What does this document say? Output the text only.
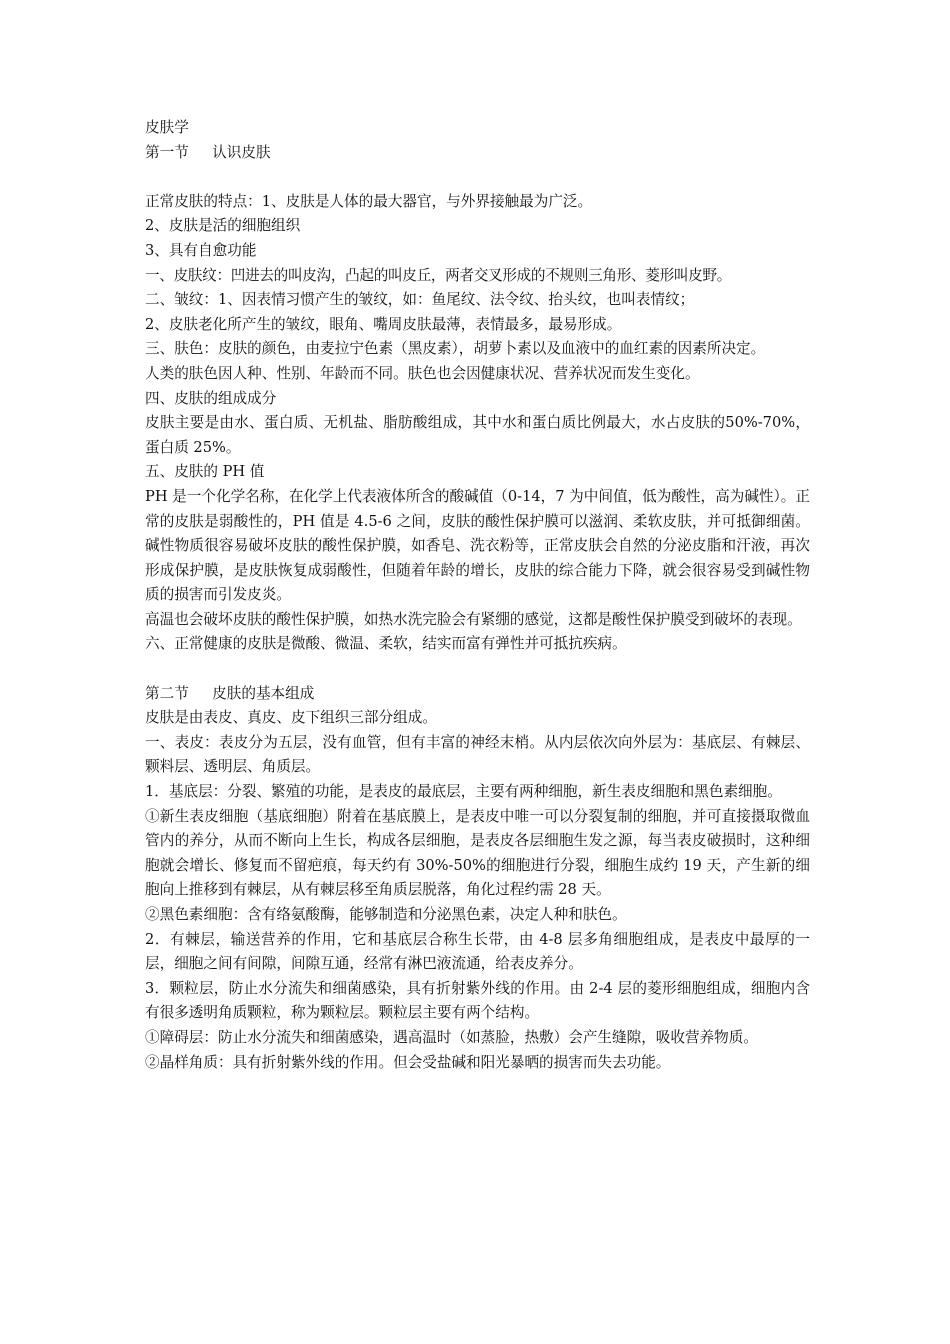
皮肤学
第一节 认识皮肤
正常皮肤的特点：1、皮肤是人体的最大器官，与外界接触最为广泛。
2、皮肤是活的细胞组织
3、具有自愈功能
一、皮肤纹：凹进去的叫皮沟，凸起的叫皮丘，两者交叉形成的不规则三角形、菱形叫皮野。
二、皱纹：1、因表情习惯产生的皱纹，如：鱼尾纹、法令纹、抬头纹，也叫表情纹；
2、皮肤老化所产生的皱纹，眼角、嘴周皮肤最薄，表情最多，最易形成。
三、肤色：皮肤的颜色，由麦拉宁色素（黑皮素），胡萝卜素以及血液中的血红素的因素所决定。
人类的肤色因人种、性别、年龄而不同。肤色也会因健康状况、营养状况而发生变化。
四、皮肤的组成成分
皮肤主要是由水、蛋白质、无机盐、脂肪酸组成，其中水和蛋白质比例最大，水占皮肤的50%-70%，蛋白质 25%。
五、皮肤的 PH 值
PH 是一个化学名称，在化学上代表液体所含的酸碱值（0-14，7 为中间值，低为酸性，高为碱性）。正常的皮肤是弱酸性的，PH 值是 4.5-6 之间，皮肤的酸性保护膜可以滋润、柔软皮肤，并可抵御细菌。碱性物质很容易破坏皮肤的酸性保护膜，如香皂、洗衣粉等，正常皮肤会自然的分泌皮脂和汗液，再次形成保护膜，是皮肤恢复成弱酸性，但随着年龄的增长，皮肤的综合能力下降，就会很容易受到碱性物质的损害而引发皮炎。
高温也会破坏皮肤的酸性保护膜，如热水洗完脸会有紧绷的感觉，这都是酸性保护膜受到破坏的表现。
六、正常健康的皮肤是微酸、微温、柔软，结实而富有弹性并可抵抗疾病。
第二节 皮肤的基本组成
皮肤是由表皮、真皮、皮下组织三部分组成。
一、表皮：表皮分为五层，没有血管，但有丰富的神经末梢。从内层依次向外层为：基底层、有棘层、颗料层、透明层、角质层。
1．基底层：分裂、繁殖的功能，是表皮的最底层，主要有两种细胞，新生表皮细胞和黑色素细胞。
①新生表皮细胞（基底细胞）附着在基底膜上，是表皮中唯一可以分裂复制的细胞，并可直接摄取微血管内的养分，从而不断向上生长，构成各层细胞，是表皮各层细胞生发之源，每当表皮破损时，这种细胞就会增长、修复而不留疤痕，每天约有 30%-50%的细胞进行分裂，细胞生成约 19 天，产生新的细胞向上推移到有棘层，从有棘层移至角质层脱落，角化过程约需 28 天。
②黑色素细胞：含有络氨酸酶，能够制造和分泌黑色素，决定人种和肤色。
2．有棘层，输送营养的作用，它和基底层合称生长带，由 4-8 层多角细胞组成，是表皮中最厚的一层，细胞之间有间隙，间隙互通，经常有淋巴液流通，给表皮养分。
3．颗粒层，防止水分流失和细菌感染，具有折射紫外线的作用。由 2-4 层的菱形细胞组成，细胞内含有很多透明角质颗粒，称为颗粒层。颗粒层主要有两个结构。
①障碍层：防止水分流失和细菌感染，遇高温时（如蒸脸，热敷）会产生缝隙，吸收营养物质。
②晶样角质：具有折射紫外线的作用。但会受盐碱和阳光暴晒的损害而失去功能。
